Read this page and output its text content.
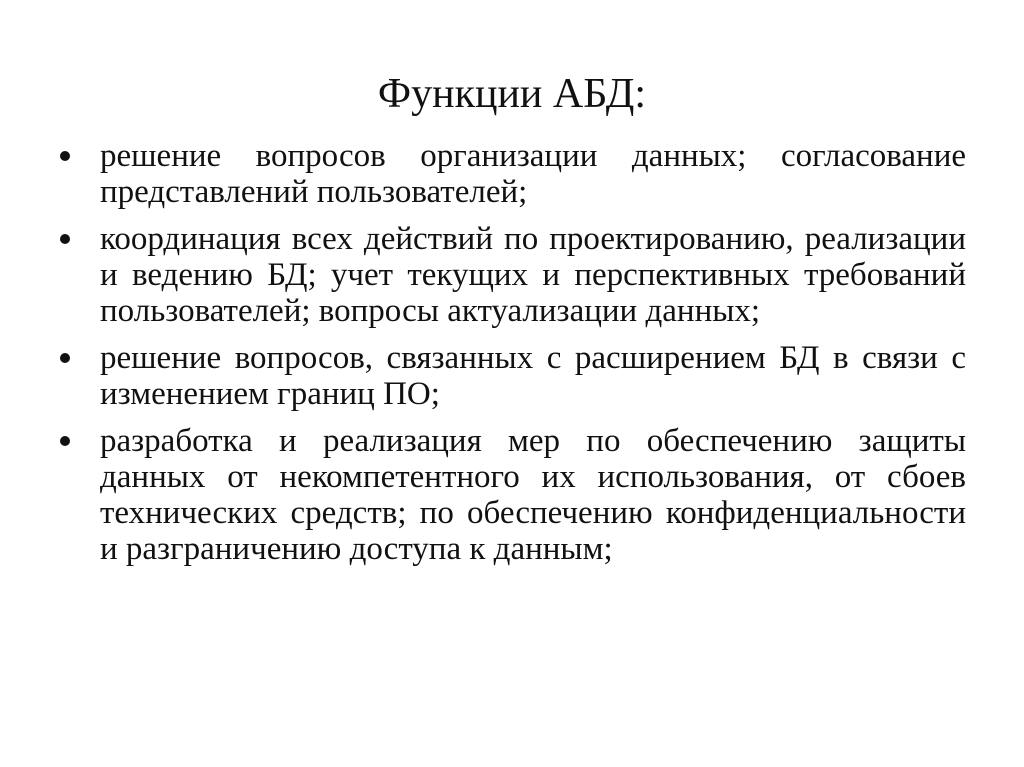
Функции АБД:
решение вопросов организации данных; согласование представлений пользователей;
координация всех действий по проектированию, реализации и ведению БД; учет текущих и перспективных требований пользователей; вопросы актуализации данных;
решение вопросов, связанных с расширением БД в связи с изменением границ ПО;
разработка и реализация мер по обеспечению защиты данных от некомпетентного их использования, от сбоев технических средств; по обеспечению конфиденциальности и разграничению доступа к данным;
